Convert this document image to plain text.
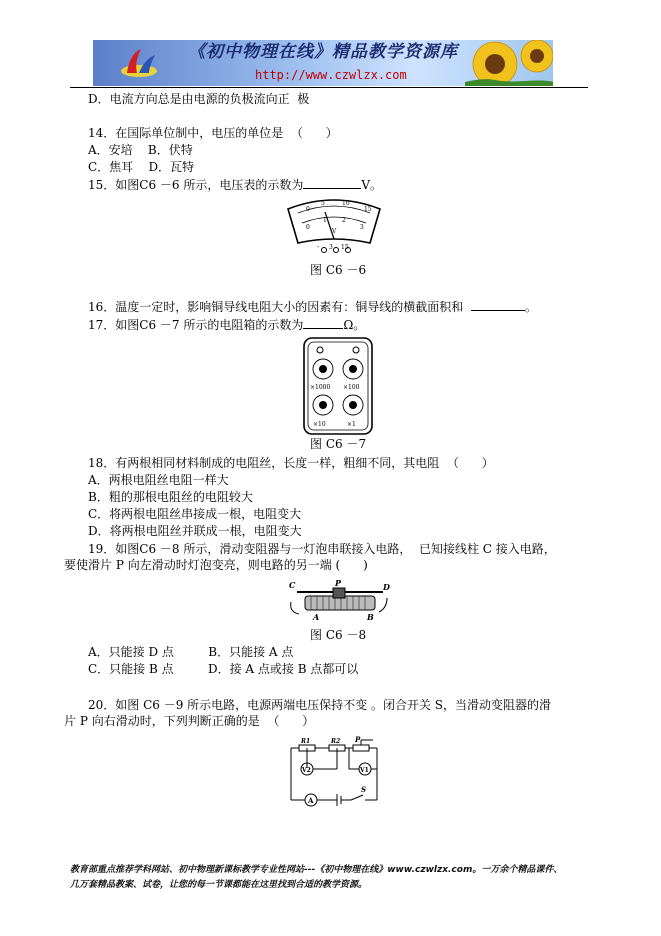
《初中物理在线》精品教学资源库
http://www.czwlzx.com
D．电流方向总是由电源的负极流向正  极
14．在国际单位制中，电压的单位是  （      ）
A．安培    B．伏特
C．焦耳    D．瓦特
15．如图C6 －6 所示，电压表的示数为	V。
0
5	10
15
0
1	2
3
V
- 3 15
图 C6 －6
16．温度一定时，影响铜导线电阻大小的因素有：铜导线的横截面积和	。
17．如图C6 －7 所示的电阻箱的示数为	Ω。
×1000 ×100
×10	×1
图 C6 －7
18．有两根相同材料制成的电阻丝，长度一样，粗细不同，其电阻  （      ）
A．两根电阻丝电阻一样大
B．粗的那根电阻丝的电阻较大
C．将两根电阻丝串接成一根，电阻变大
D．将两根电阻丝并联成一根，电阻变大
19．如图C6 －8 所示，滑动变阻器与一灯泡串联接入电路，  已知接线柱 C 接入电路，
要使滑片 P 向左滑动时灯泡变亮，则电路的另一端 (      )
C	P	D
A	B
图 C6 －8
A．只能接 D 点         B．只能接 A 点
C．只能接 B 点         D．接 A 点或接 B 点都可以
20．如图 C6 －9 所示电路，电源两端电压保持不变 。闭合开关 S，当滑动变阻器的滑
片 P 向右滑动时，下列判断正确的是  （      ）
R1	R2 P
V2	V1
A
S
教育部重点推荐学科网站、初中物理新课标教学专业性网站---《初中物理在线》www.czwlzx.com。一万余个精品课件、
几万套精品教案、试卷，让您的每一节课都能在这里找到合适的教学资源。
